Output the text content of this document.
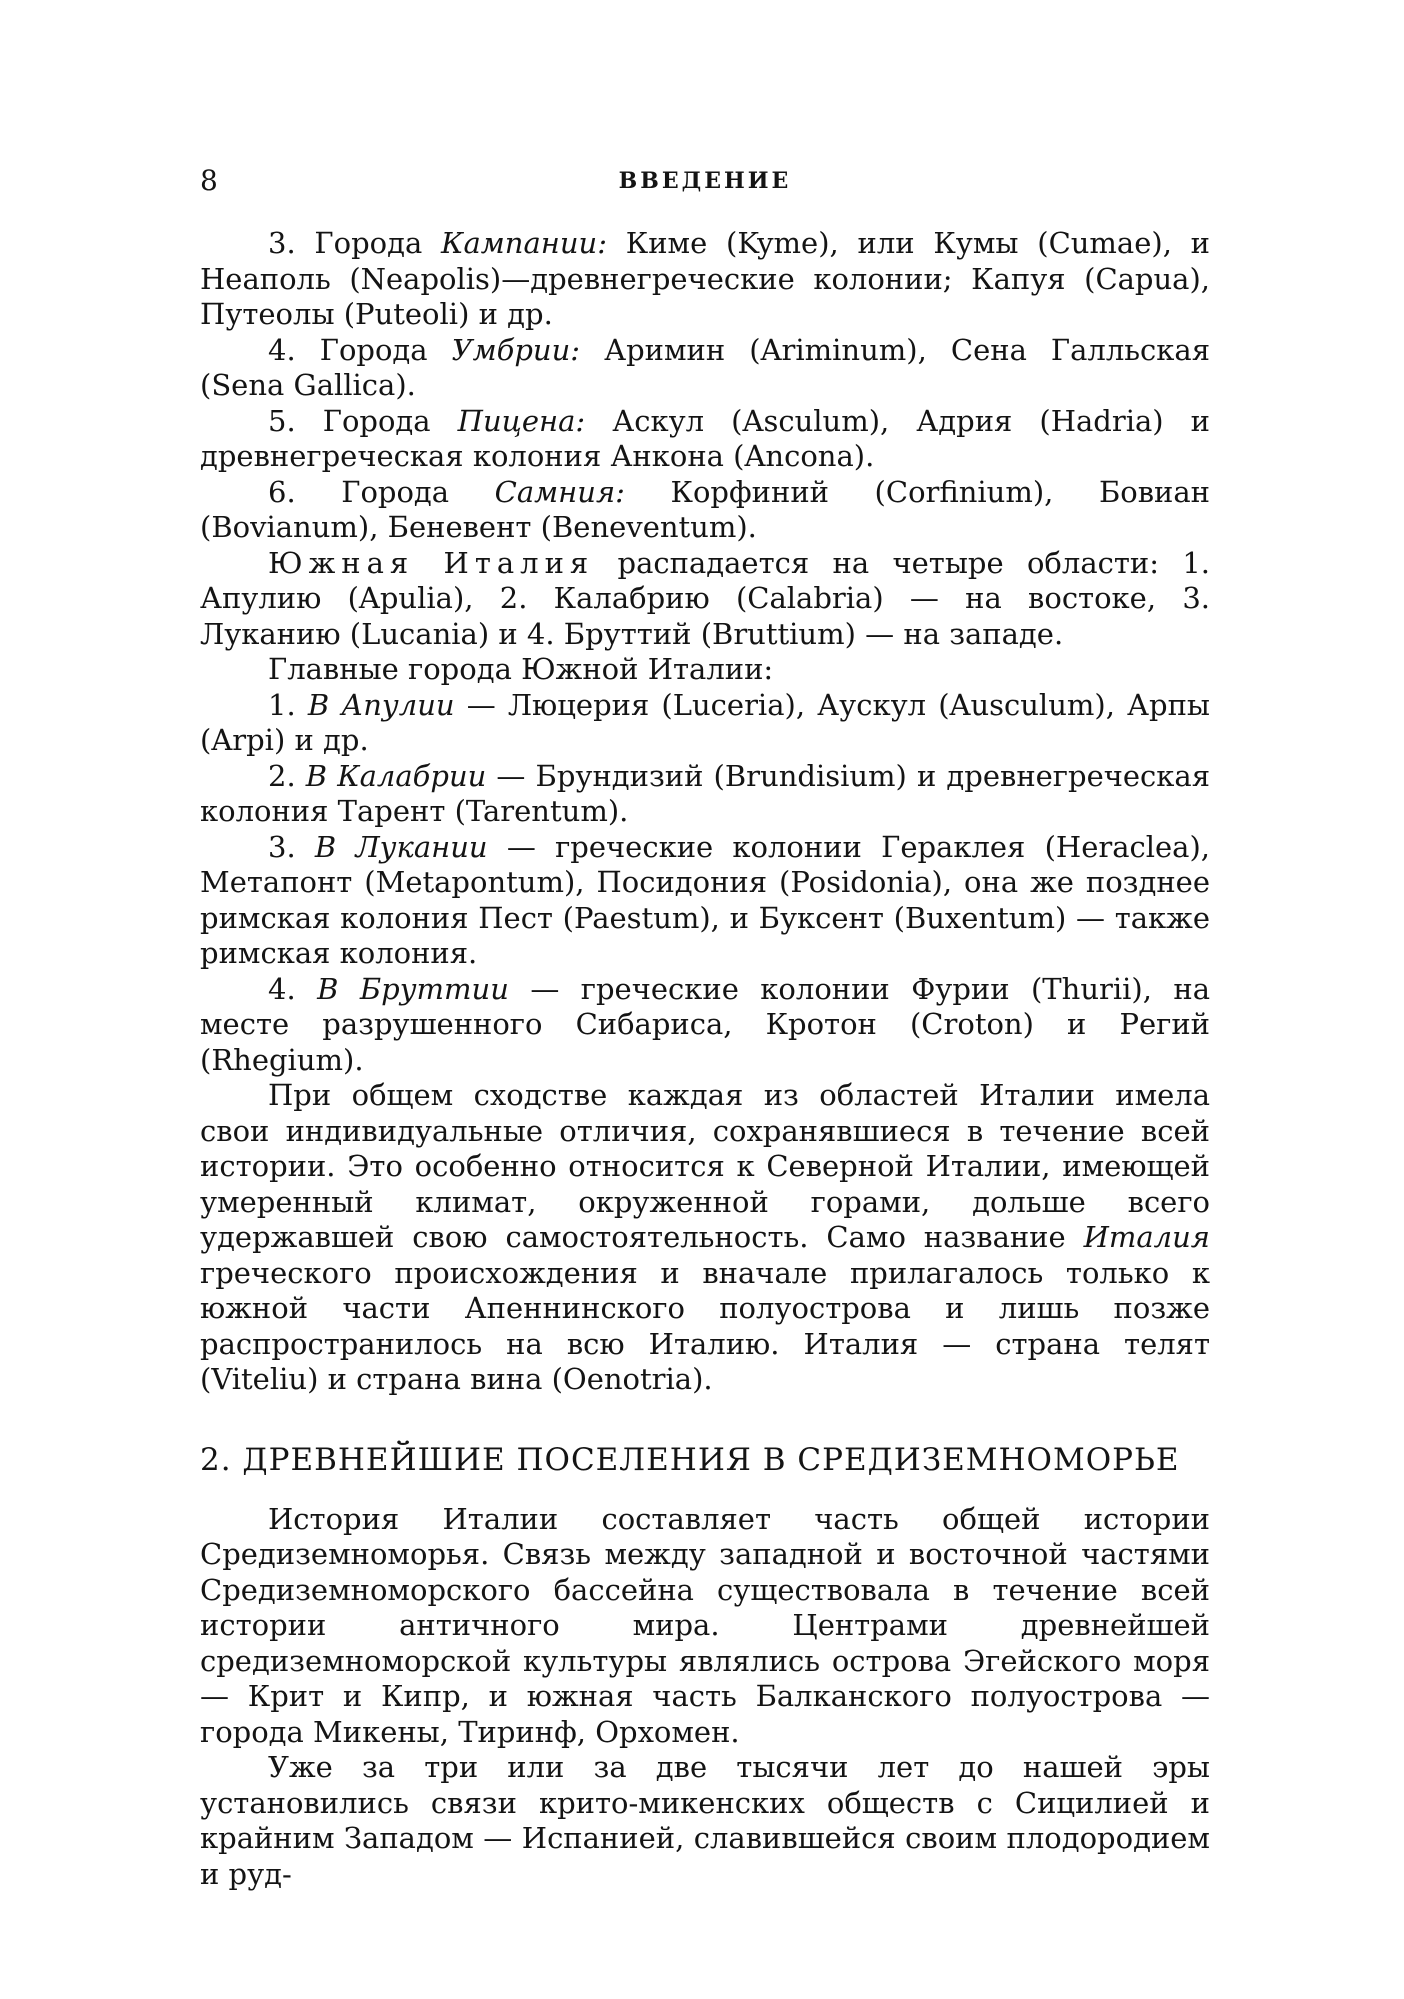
8	ВВЕДЕНИЕ

3. Города Кампании: Киме (Kyme), или Кумы (Cumae), и Неаполь (Neapolis)—древнегреческие колонии; Капуя (Capua), Путеолы (Puteoli) и др.

4. Города Умбрии: Аримин (Ariminum), Сена Галльская (Sena Gallica).

5. Города Пицена: Аскул (Asculum), Адрия (Hadria) и древнегреческая колония Анкона (Ancona).

6. Города Самния: Корфиний (Corfinium), Бовиан (Bovianum), Беневент (Beneventum).

Южная Италия распадается на четыре области: 1. Апулию (Apulia), 2. Калабрию (Calabria) — на востоке, 3. Луканию (Lucania) и 4. Бруттий (Bruttium) — на западе.

Главные города Южной Италии:

1. В Апулии — Люцерия (Luceria), Аускул (Ausculum), Арпы (Arpi) и др.

2. В Калабрии — Брундизий (Brundisium) и древнегреческая колония Тарент (Tarentum).

3. В Лукании — греческие колонии Гераклея (Heraclea), Метапонт (Metapontum), Посидония (Posidonia), она же позднее римская колония Пест (Paestum), и Буксент (Buxentum) — также римская колония.

4. В Бруттии — греческие колонии Фурии (Thurii), на месте разрушенного Сибариса, Кротон (Croton) и Регий (Rhegium).

При общем сходстве каждая из областей Италии имела свои индивидуальные отличия, сохранявшиеся в течение всей истории. Это особенно относится к Северной Италии, имеющей умеренный климат, окруженной горами, дольше всего удержавшей свою самостоятельность. Само название Италия греческого происхождения и вначале прилагалось только к южной части Апеннинского полуострова и лишь позже распространилось на всю Италию. Италия — страна телят (Viteliu) и страна вина (Oenotria).

2. ДРЕВНЕЙШИЕ ПОСЕЛЕНИЯ В СРЕДИЗЕМНОМОРЬЕ

История Италии составляет часть общей истории Средиземноморья. Связь между западной и восточной частями Средиземноморского бассейна существовала в течение всей истории античного мира. Центрами древнейшей средиземноморской культуры являлись острова Эгейского моря — Крит и Кипр, и южная часть Балканского полуострова — города Микены, Тиринф, Орхомен.

Уже за три или за две тысячи лет до нашей эры установились связи крито-микенских обществ с Сицилией и крайним Западом — Испанией, славившейся своим плодородием и руд-
